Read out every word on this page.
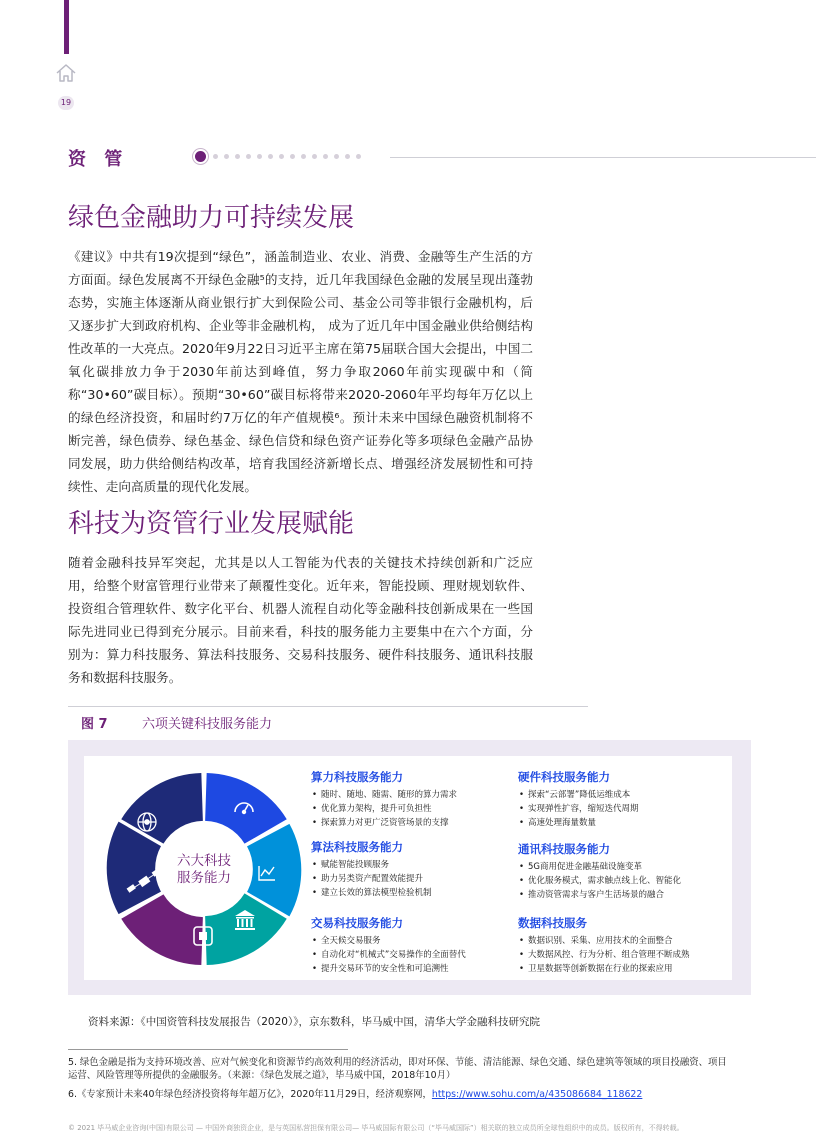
19
资 管
绿色金融助力可持续发展

《建议》中共有19次提到“绿色”，涵盖制造业、农业、消费、金融等生产生活的方方面面。绿色发展离不开绿色金融⁵的支持，近几年我国绿色金融的发展呈现出蓬勃态势，实施主体逐渐从商业银行扩大到保险公司、基金公司等非银行金融机构，后又逐步扩大到政府机构、企业等非金融机构， 成为了近几年中国金融业供给侧结构性改革的一大亮点。2020年9月22日习近平主席在第75届联合国大会提出，中国二氧化碳排放力争于2030年前达到峰值，努力争取2060年前实现碳中和（简称“30•60”碳目标）。预期“30•60”碳目标将带来2020-2060年平均每年万亿以上的绿色经济投资，和届时约7万亿的年产值规模⁶。预计未来中国绿色融资机制将不断完善，绿色债券、绿色基金、绿色信贷和绿色资产证券化等多项绿色金融产品协同发展，助力供给侧结构改革，培育我国经济新增长点、增强经济发展韧性和可持续性、走向高质量的现代化发展。

科技为资管行业发展赋能

随着金融科技异军突起，尤其是以人工智能为代表的关键技术持续创新和广泛应用，给整个财富管理行业带来了颠覆性变化。近年来，智能投顾、理财规划软件、投资组合管理软件、数字化平台、机器人流程自动化等金融科技创新成果在一些国际先进同业已得到充分展示。目前来看，科技的服务能力主要集中在六个方面，分别为：算力科技服务、算法科技服务、交易科技服务、硬件科技服务、通讯科技服务和数据科技服务。

图 7	六项关键科技服务能力
六大科技
服务能力
算力科技服务能力
• 随时、随地、随需、随形的算力需求
• 优化算力架构，提升可负担性
• 探索算力对更广泛资管场景的支撑
算法科技服务能力
• 赋能智能投顾服务
• 助力另类资产配置效能提升
• 建立长效的算法模型检验机制
交易科技服务能力
• 全天候交易服务
• 自动化对“机械式”交易操作的全面替代
• 提升交易环节的安全性和可追溯性
硬件科技服务能力
• 探索“云部署”降低运维成本
• 实现弹性扩容，缩短迭代周期
• 高速处理海量数量
通讯科技服务能力
• 5G商用促进金融基础设施变革
• 优化服务模式，需求触点线上化、智能化
• 推动资管需求与客户生活场景的融合
数据科技服务
• 数据识别、采集、应用技术的全面整合
• 大数据风控、行为分析、组合管理不断成熟
• 卫星数据等创新数据在行业的探索应用
资料来源：《中国资管科技发展报告（2020）》，京东数科，毕马威中国，清华大学金融科技研究院

5. 绿色金融是指为支持环境改善、应对气候变化和资源节约高效利用的经济活动，即对环保、节能、清洁能源、绿色交通、绿色建筑等领域的项目投融资、项目运营、风险管理等所提供的金融服务。（来源：《绿色发展之道》，毕马威中国，2018年10月）

6.《专家预计未来40年绿色经济投资将每年超万亿》，2020年11月29日，经济观察网，https://www.sohu.com/a/435086684_118622

© 2021 毕马威企业咨询(中国)有限公司 — 中国外商独资企业，是与英国私营担保有限公司— 毕马威国际有限公司（“毕马威国际”）相关联的独立成员所全球性组织中的成员。版权所有，不得转载。
